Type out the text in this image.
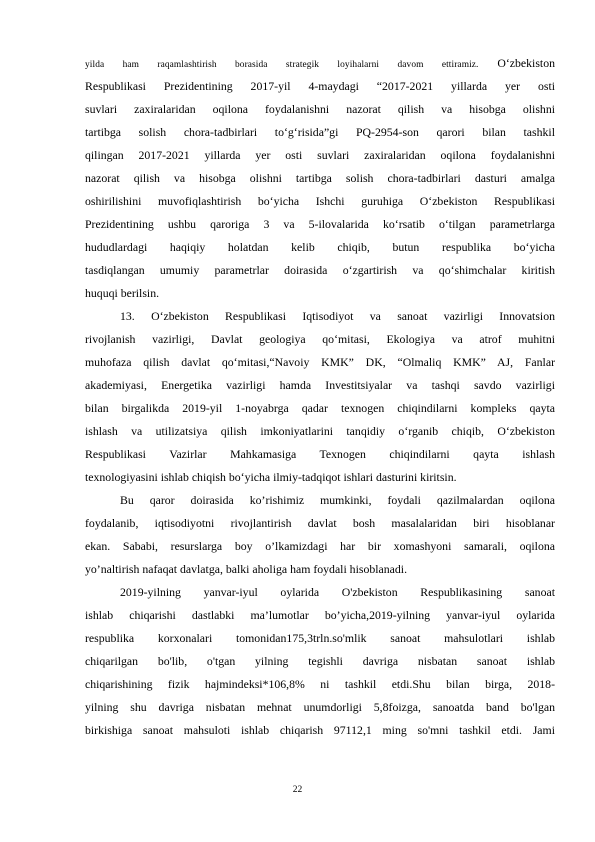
yilda ham raqamlashtirish borasida strategik loyihalarni davom ettiramiz. O‘zbekiston
Respublikasi Prezidentining 2017-yil 4-maydagi “2017-2021 yillarda yer osti
suvlari zaxiralaridan oqilona foydalanishni nazorat qilish va hisobga olishni
tartibga solish chora-tadbirlari to‘g‘risida”gi PQ-2954-son qarori bilan tashkil
qilingan 2017-2021 yillarda yer osti suvlari zaxiralaridan oqilona foydalanishni
nazorat qilish va hisobga olishni tartibga solish chora-tadbirlari dasturi amalga
oshirilishini muvofiqlashtirish bo‘yicha Ishchi guruhiga O‘zbekiston Respublikasi
Prezidentining ushbu qaroriga 3 va 5-ilovalarida ko‘rsatib o‘tilgan parametrlarga
hududlardagi haqiqiy holatdan kelib chiqib, butun respublika bo‘yicha
tasdiqlangan umumiy parametrlar doirasida o‘zgartirish va qo‘shimchalar kiritish
huquqi berilsin.
13. O‘zbekiston Respublikasi Iqtisodiyot va sanoat vazirligi Innovatsion
rivojlanish vazirligi, Davlat geologiya qo‘mitasi, Ekologiya va atrof muhitni
muhofaza qilish davlat qo‘mitasi,“Navoiy KMK” DK, “Olmaliq KMK” AJ, Fanlar
akademiyasi, Energetika vazirligi hamda Investitsiyalar va tashqi savdo vazirligi
bilan birgalikda 2019-yil 1-noyabrga qadar texnogen chiqindilarni kompleks qayta
ishlash va utilizatsiya qilish imkoniyatlarini tanqidiy o‘rganib chiqib, O‘zbekiston
Respublikasi Vazirlar Mahkamasiga Texnogen chiqindilarni qayta ishlash
texnologiyasini ishlab chiqish bo‘yicha ilmiy-tadqiqot ishlari dasturini kiritsin.
Bu qaror doirasida ko’rishimiz mumkinki, foydali qazilmalardan oqilona
foydalanib, iqtisodiyotni rivojlantirish davlat bosh masalalaridan biri hisoblanar
ekan. Sababi, resurslarga boy o’lkamizdagi har bir xomashyoni samarali, oqilona
yo’naltirish nafaqat davlatga, balki aholiga ham foydali hisoblanadi.
2019-yilning yanvar-iyul oylarida O'zbekiston Respublikasining sanoat
ishlab chiqarishi dastlabki ma’lumotlar bo’yicha,2019-yilning yanvar-iyul oylarida
respublika korxonalari tomonidan175,3trln.so'mlik sanoat mahsulotlari ishlab
chiqarilgan bo'lib, o'tgan yilning tegishli davriga nisbatan sanoat ishlab
chiqarishining fizik hajmindeksi*106,8% ni tashkil etdi.Shu bilan birga, 2018-
yilning shu davriga nisbatan mehnat unumdorligi 5,8foizga, sanoatda band bo'lgan
birkishiga sanoat mahsuloti ishlab chiqarish 97112,1 ming so'mni tashkil etdi. Jami
22
